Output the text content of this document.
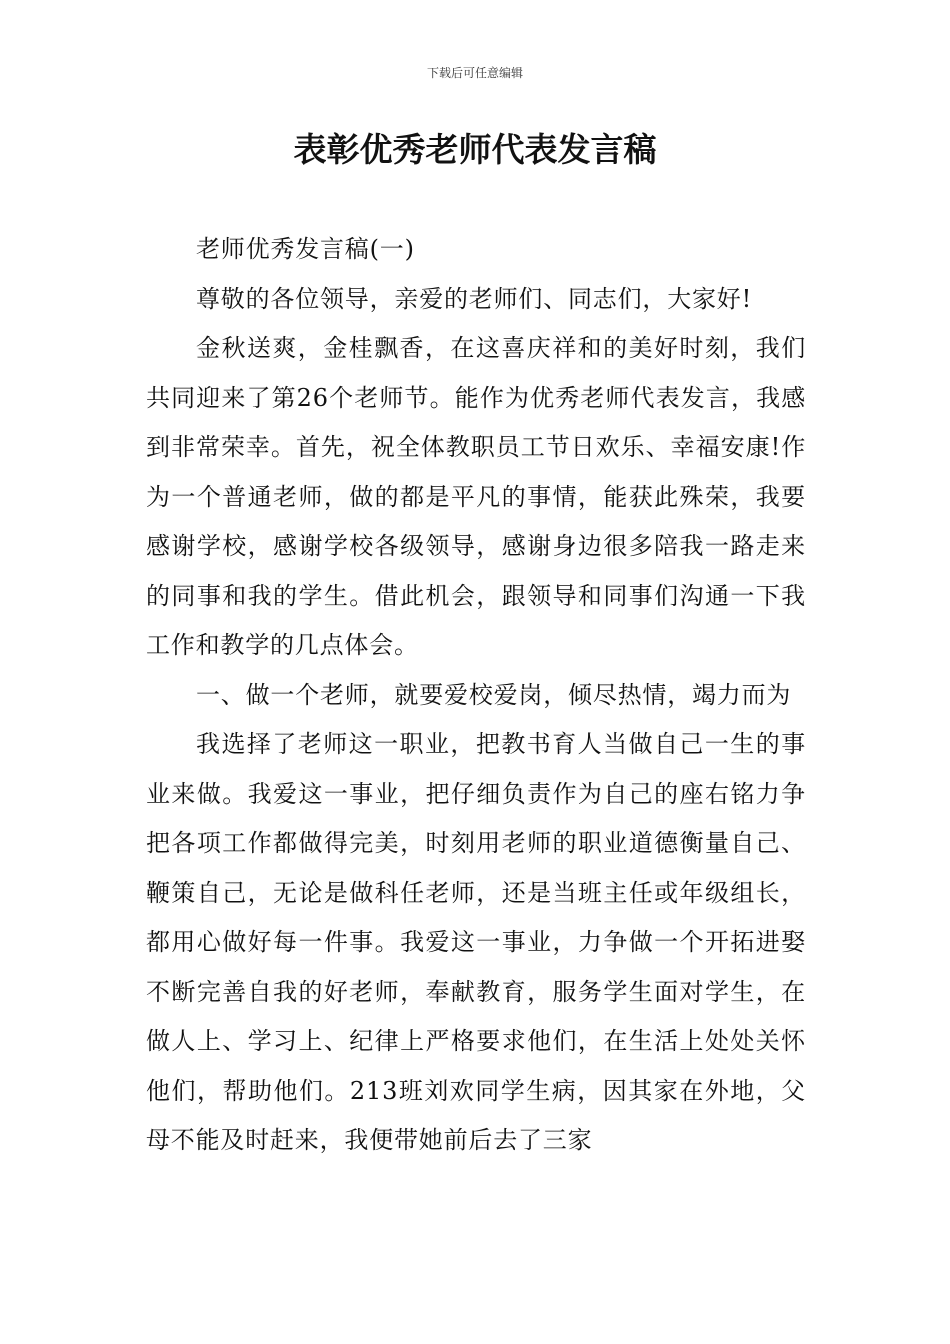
下载后可任意编辑
表彰优秀老师代表发言稿

老师优秀发言稿(一)

尊敬的各位领导，亲爱的老师们、同志们，大家好!

金秋送爽，金桂飘香，在这喜庆祥和的美好时刻，我们共同迎来了第26个老师节。能作为优秀老师代表发言，我感到非常荣幸。首先，祝全体教职员工节日欢乐、幸福安康!作为一个普通老师，做的都是平凡的事情，能获此殊荣，我要感谢学校，感谢学校各级领导，感谢身边很多陪我一路走来的同事和我的学生。借此机会，跟领导和同事们沟通一下我工作和教学的几点体会。

一、做一个老师，就要爱校爱岗，倾尽热情，竭力而为

我选择了老师这一职业，把教书育人当做自己一生的事业来做。我爱这一事业，把仔细负责作为自己的座右铭力争把各项工作都做得完美，时刻用老师的职业道德衡量自己、鞭策自己，无论是做科任老师，还是当班主任或年级组长，都用心做好每一件事。我爱这一事业，力争做一个开拓进娶不断完善自我的好老师，奉献教育，服务学生面对学生，在做人上、学习上、纪律上严格要求他们，在生活上处处关怀他们，帮助他们。213班刘欢同学生病，因其家在外地，父母不能及时赶来，我便带她前后去了三家
